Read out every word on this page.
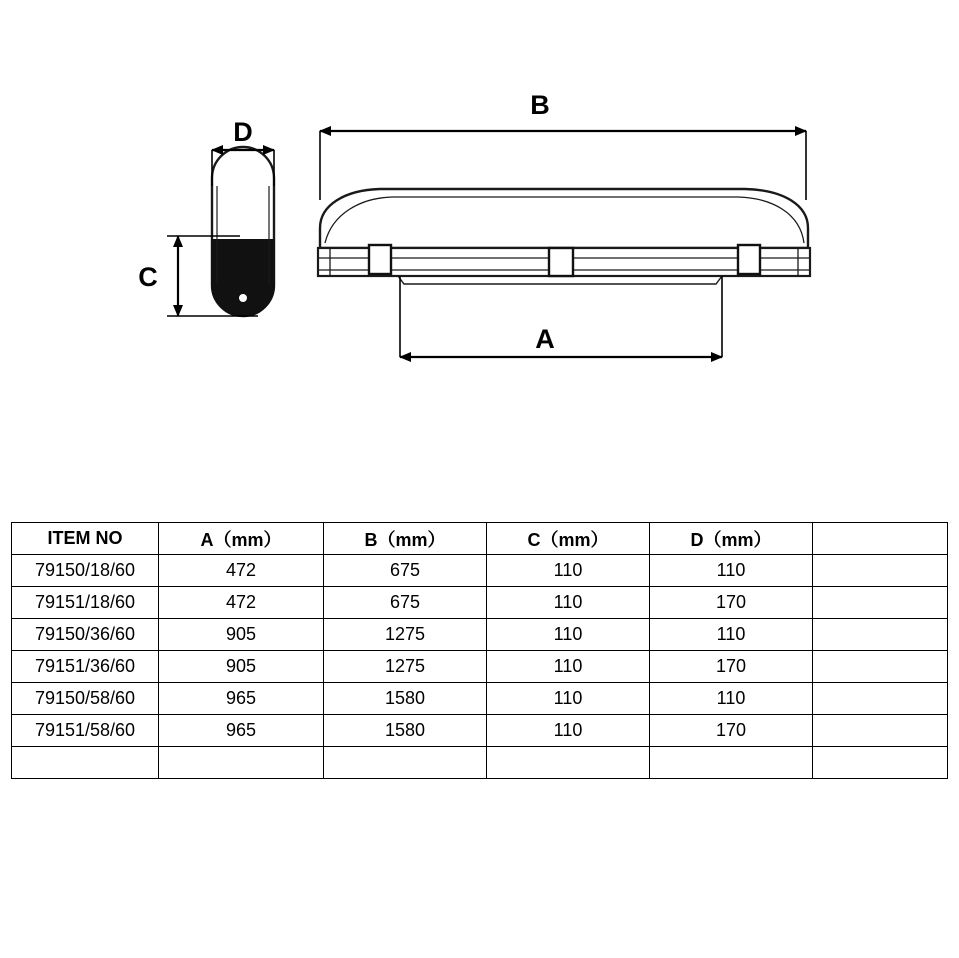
D
C
B
A
ITEM NO	A（mm）	B（mm）	C（mm）	D（mm）	
79150/18/60	472	675	110	110	
79151/18/60	472	675	110	170	
79150/36/60	905	1275	110	110	
79151/36/60	905	1275	110	170	
79150/58/60	965	1580	110	110	
79151/58/60	965	1580	110	170	
